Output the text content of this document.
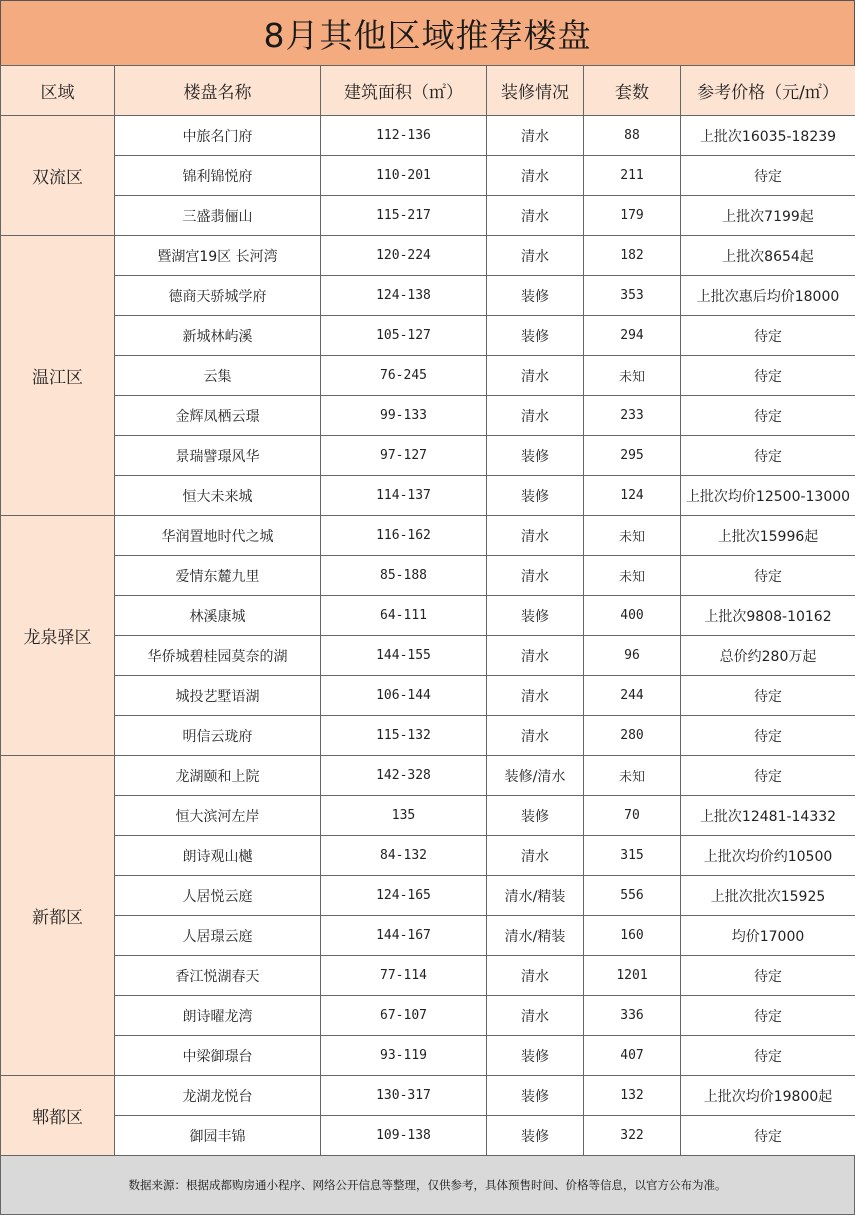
8月其他区域推荐楼盘
区域	楼盘名称	建筑面积（㎡）	装修情况	套数	参考价格（元/㎡）
双流区	中旅名门府	112-136	清水	88	上批次16035-18239
	锦利锦悦府	110-201	清水	211	待定
	三盛翡俪山	115-217	清水	179	上批次7199起
温江区	暨湖宫19区 长河湾	120-224	清水	182	上批次8654起
	德商天骄城学府	124-138	装修	353	上批次惠后均价18000
	新城林屿溪	105-127	装修	294	待定
	云集	76-245	清水	未知	待定
	金辉凤栖云璟	99-133	清水	233	待定
	景瑞譬璟风华	97-127	装修	295	待定
	恒大未来城	114-137	装修	124	上批次均价12500-13000
龙泉驿区	华润置地时代之城	116-162	清水	未知	上批次15996起
	爱情东麓九里	85-188	清水	未知	待定
	林溪康城	64-111	装修	400	上批次9808-10162
	华侨城碧桂园莫奈的湖	144-155	清水	96	总价约280万起
	城投艺墅语湖	106-144	清水	244	待定
	明信云珑府	115-132	清水	280	待定
新都区	龙湖颐和上院	142-328	装修/清水	未知	待定
	恒大滨河左岸	135	装修	70	上批次12481-14332
	朗诗观山樾	84-132	清水	315	上批次均价约10500
	人居悦云庭	124-165	清水/精装	556	上批次批次15925
	人居璟云庭	144-167	清水/精装	160	均价17000
	香江悦湖春天	77-114	清水	1201	待定
	朗诗曜龙湾	67-107	清水	336	待定
	中梁御璟台	93-119	装修	407	待定
郫都区	龙湖龙悦台	130-317	装修	132	上批次均价19800起
	御园丰锦	109-138	装修	322	待定
数据来源：根据成都购房通小程序、网络公开信息等整理，仅供参考，具体预售时间、价格等信息，以官方公布为准。
